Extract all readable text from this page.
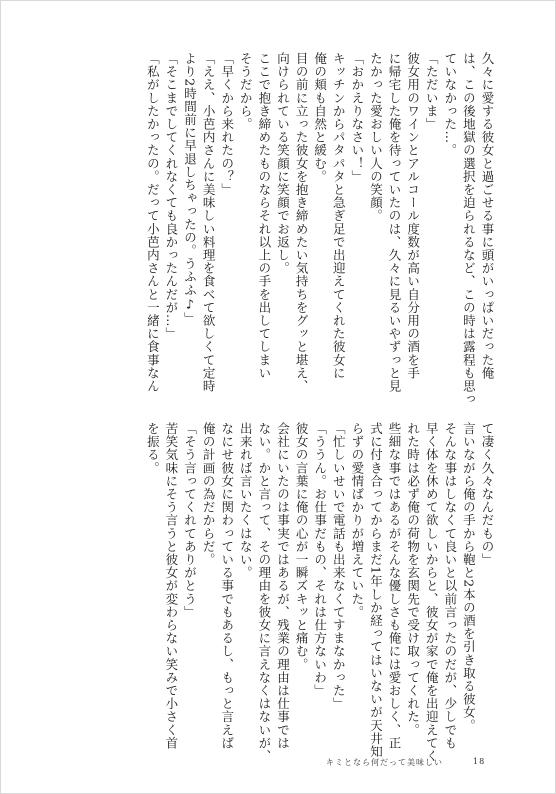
久々に愛する彼女と過ごせる事に頭がいっぱいだった俺

は、この後地獄の選択を迫られるなど、この時は露程も思っ

ていなかった…。

「ただいま」

彼女用のワインとアルコール度数が高い自分用の酒を手

に帰宅した俺を待っていたのは、久々に見るいやずっと見

たかった愛おしい人の笑顔。

「おかえりなさい！」

キッチンからパタパタと急ぎ足で出迎えてくれた彼女に

俺の頬も自然と緩む。

目の前に立った彼女を抱き締めたい気持ちをグッと堪え、

向けられている笑顔に笑顔でお返し。

ここで抱き締めたものならそれ以上の手を出してしまい

そうだから。

「早くから来れたの？」

「ええ、小芭内さんに美味しい料理を食べて欲しくて定時

より2時間前に早退しちゃったの。うふふ♪」

「そこまでしてくれなくても良かったんだが…」

「私がしたかったの。だって小芭内さんと一緒に食事なん

て凄く久々なんだもの」

言いながら俺の手から鞄と2本の酒を引き取る彼女。

そんな事はしなくて良いと以前言ったのだが、少しでも

早く体を休めて欲しいからと、彼女が家で俺を出迎えてく

れた時は必ず俺の荷物を玄関先で受け取ってくれた。

些細な事ではあるがそんな優しさも俺には愛おしく、正

式に付き合ってからまだ1年しか経ってはいないが天井知

らずの愛情ばかりが増えていた。

「忙しいせいで電話も出来なくてすまなかった」

「ううん。お仕事だもの、それは仕方ないわ」

彼女の言葉に俺の心が一瞬ズキッと痛む。

会社にいたのは事実ではあるが、残業の理由は仕事では

ない。かと言って、その理由を彼女に言えなくはないが、

出来れば言いたくはない。

なにせ彼女に関わっている事でもあるし、もっと言えば

俺の計画の為だからだ。

「そう言ってくれてありがとう」

苦笑気味にそう言うと彼女が変わらない笑みで小さく首

を振る。

キミとなら何だって美味しい	18
